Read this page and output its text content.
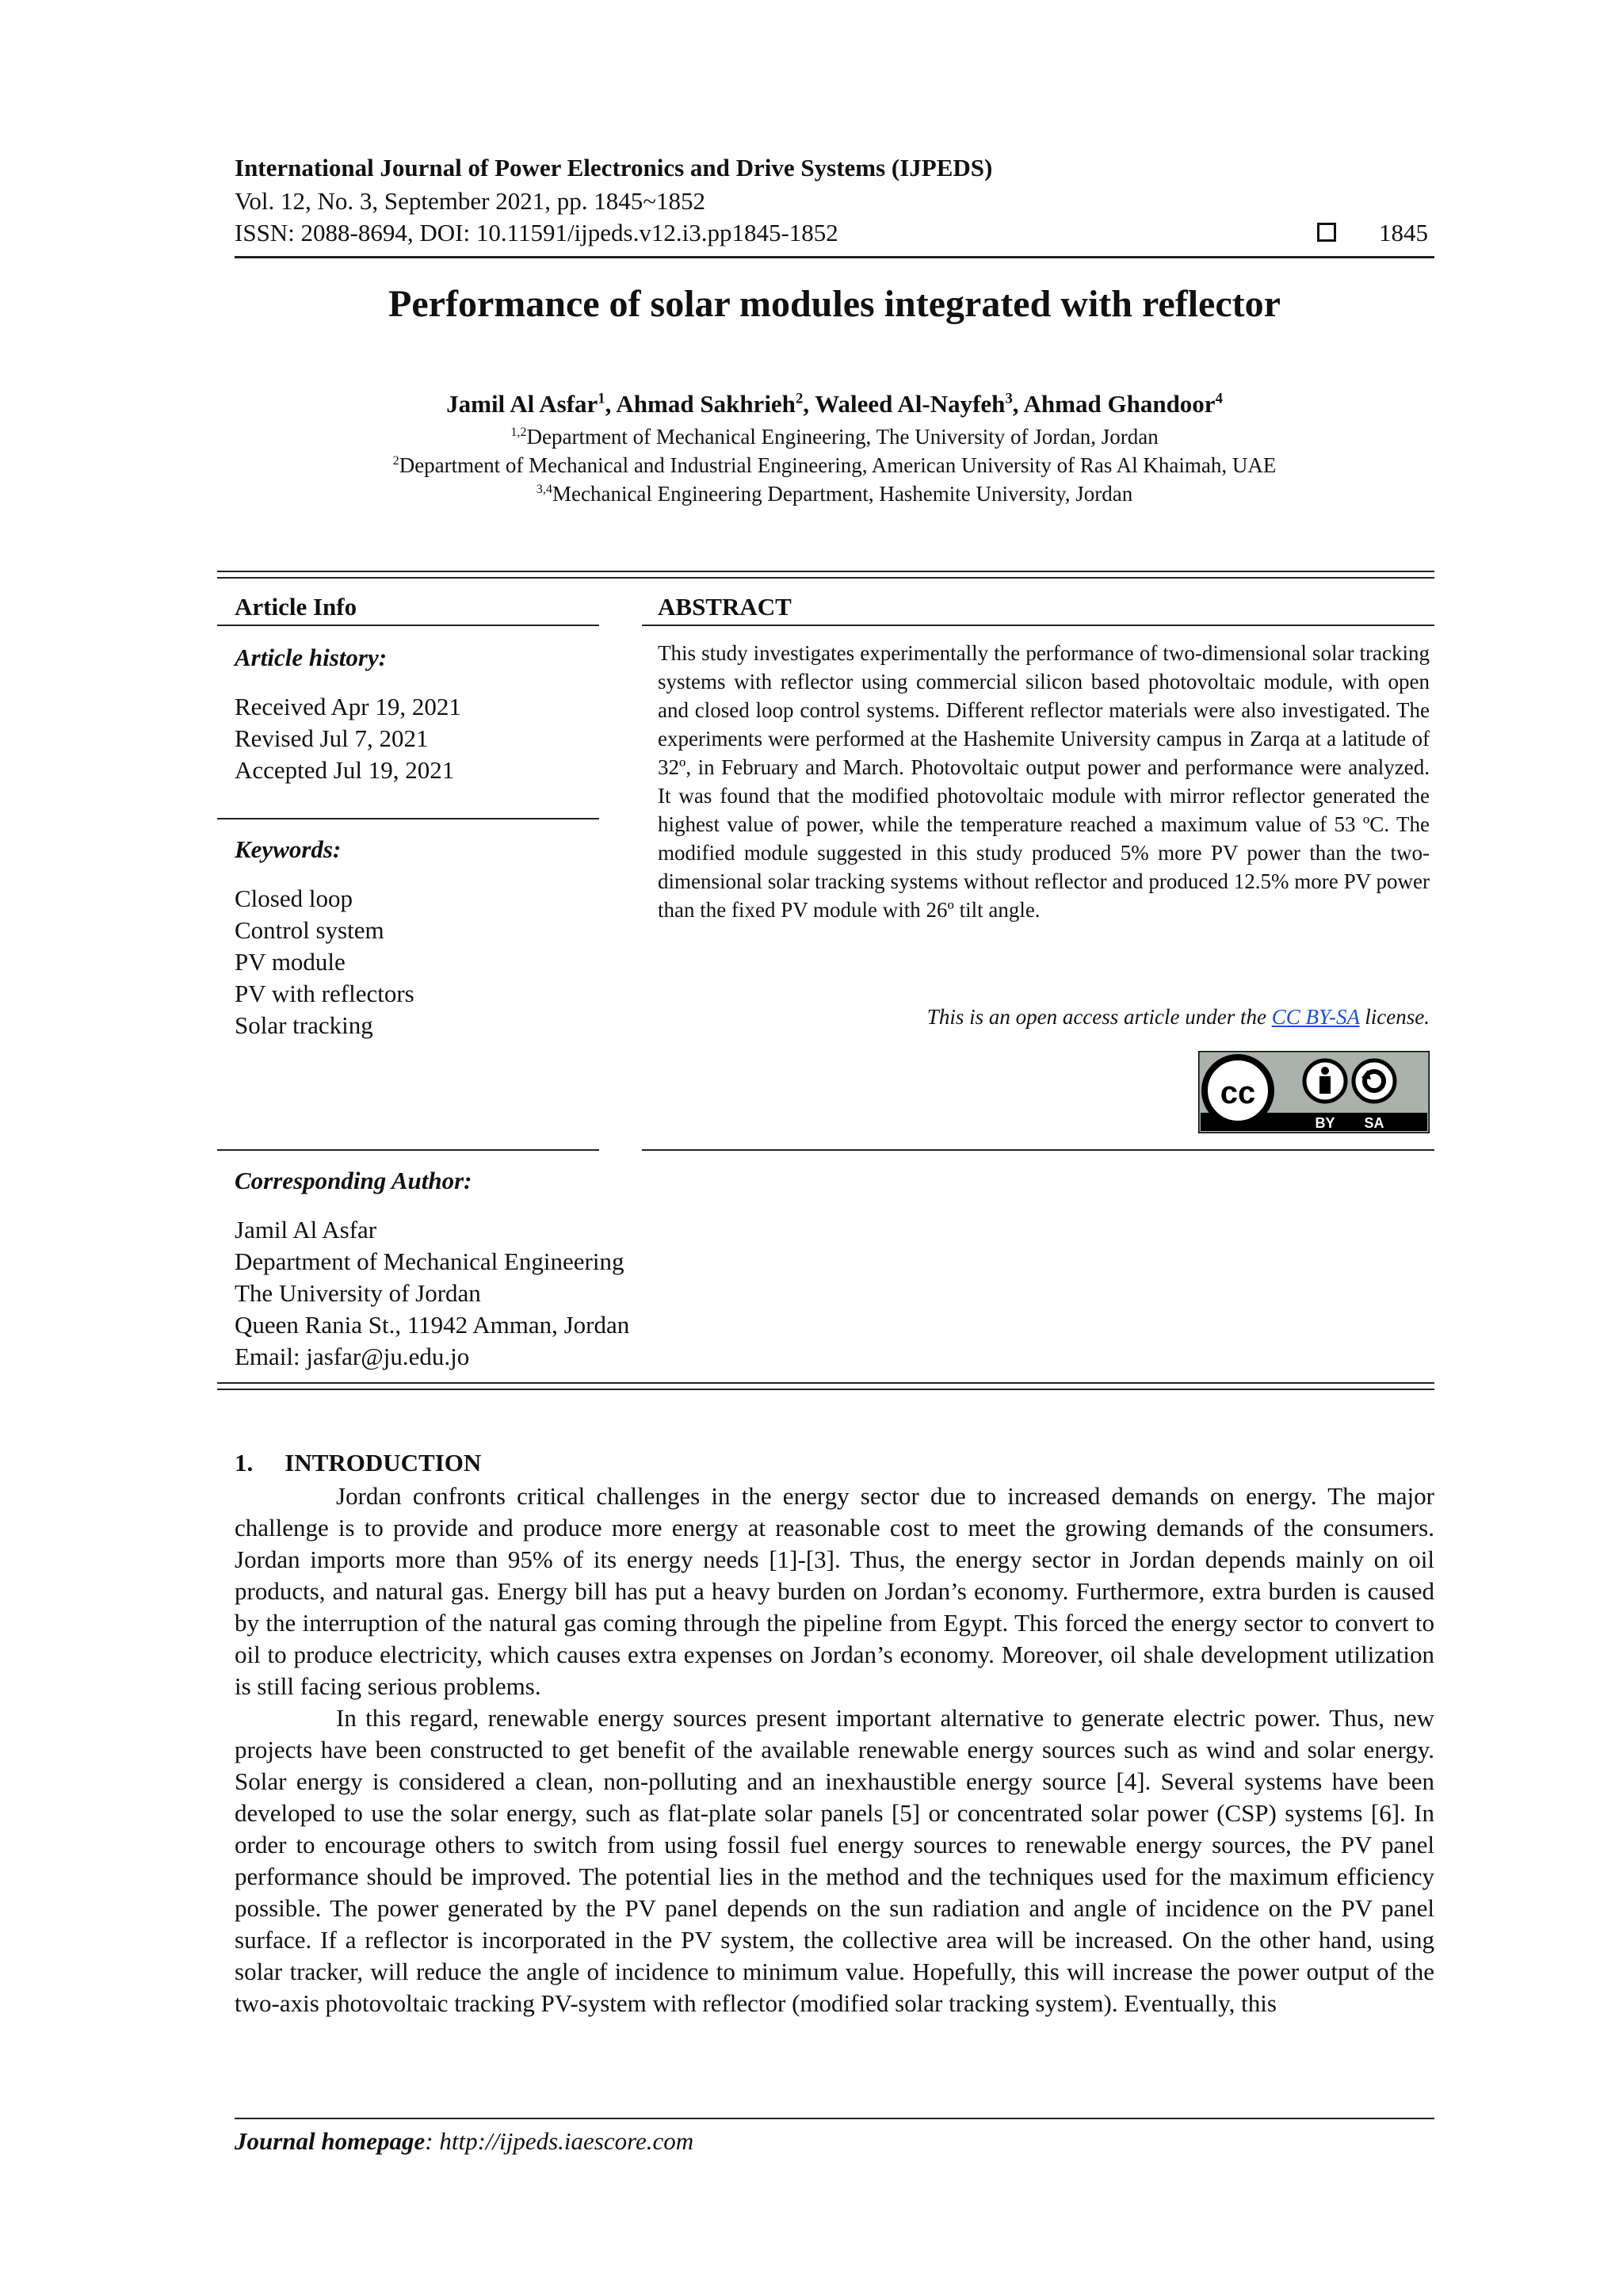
International Journal of Power Electronics and Drive Systems (IJPEDS)
Vol. 12, No. 3, September 2021, pp. 1845~1852
ISSN: 2088-8694, DOI: 10.11591/ijpeds.v12.i3.pp1845-1852	1845
Performance of solar modules integrated with reflector
Jamil Al Asfar$^1$, Ahmad Sakhrieh$^2$, Waleed Al-Nayfeh$^3$, Ahmad Ghandoor$^4$
$^{1,2}$Department of Mechanical Engineering, The University of Jordan, Jordan
$^2$Department of Mechanical and Industrial Engineering, American University of Ras Al Khaimah, UAE
$^{3,4}$Mechanical Engineering Department, Hashemite University, Jordan
Article Info
Article history:
Received Apr 19, 2021
Revised Jul 7, 2021
Accepted Jul 19, 2021
Keywords:
Closed loop
Control system
PV module
PV with reflectors
Solar tracking
ABSTRACT

This study investigates experimentally the performance of two-dimensional solar tracking systems with reflector using commercial silicon based photovoltaic module, with open and closed loop control systems. Different reflector materials were also investigated. The experiments were performed at the Hashemite University campus in Zarqa at a latitude of 32º, in February and March. Photovoltaic output power and performance were analyzed. It was found that the modified photovoltaic module with mirror reflector generated the highest value of power, while the temperature reached a maximum value of 53 ºC. The modified module suggested in this study produced 5% more PV power than the two-dimensional solar tracking systems without reflector and produced 12.5% more PV power than the fixed PV module with 26º tilt angle.

This is an open access article under the CC BY-SA license.
cc
BY SA
Corresponding Author:
Jamil Al Asfar
Department of Mechanical Engineering
The University of Jordan
Queen Rania St., 11942 Amman, Jordan
Email: jasfar@ju.edu.jo
1. INTRODUCTION

Jordan confronts critical challenges in the energy sector due to increased demands on energy. The major challenge is to provide and produce more energy at reasonable cost to meet the growing demands of the consumers. Jordan imports more than 95% of its energy needs [1]-[3]. Thus, the energy sector in Jordan depends mainly on oil products, and natural gas. Energy bill has put a heavy burden on Jordan’s economy. Furthermore, extra burden is caused by the interruption of the natural gas coming through the pipeline from Egypt. This forced the energy sector to convert to oil to produce electricity, which causes extra expenses on Jordan’s economy. Moreover, oil shale development utilization is still facing serious problems.

In this regard, renewable energy sources present important alternative to generate electric power. Thus, new projects have been constructed to get benefit of the available renewable energy sources such as wind and solar energy. Solar energy is considered a clean, non-polluting and an inexhaustible energy source [4]. Several systems have been developed to use the solar energy, such as flat-plate solar panels [5] or concentrated solar power (CSP) systems [6]. In order to encourage others to switch from using fossil fuel energy sources to renewable energy sources, the PV panel performance should be improved. The potential lies in the method and the techniques used for the maximum efficiency possible. The power generated by the PV panel depends on the sun radiation and angle of incidence on the PV panel surface. If a reflector is incorporated in the PV system, the collective area will be increased. On the other hand, using solar tracker, will reduce the angle of incidence to minimum value. Hopefully, this will increase the power output of the two-axis photovoltaic tracking PV-system with reflector (modified solar tracking system). Eventually, this

Journal homepage: http://ijpeds.iaescore.com
